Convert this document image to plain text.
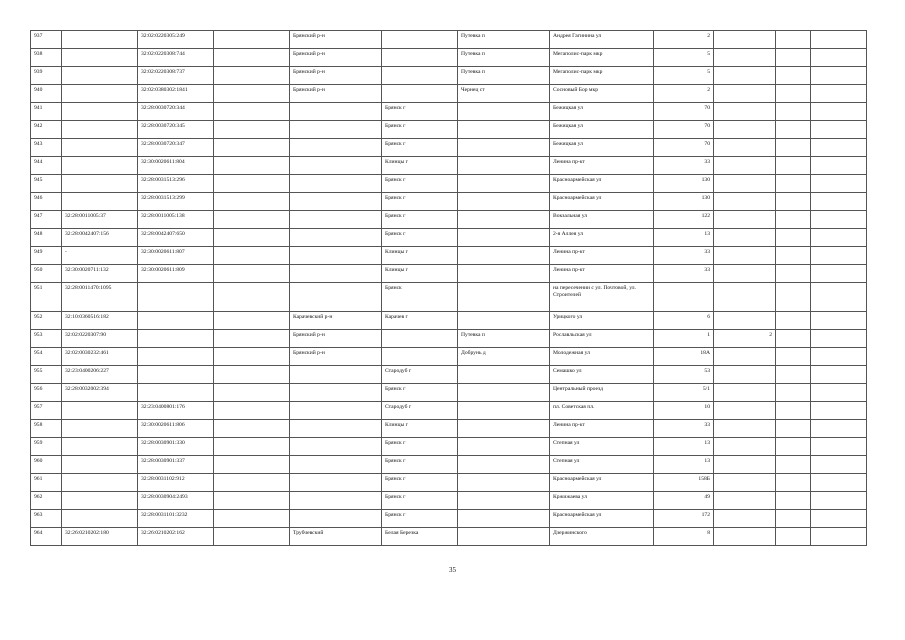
937		32:02:0220305:249		Брянский р-н		Путевка п	Андрея Гагинина ул	2			
938		32:02:0220308:744		Брянский р-н		Путевка п	Мегаполис-парк мкр	5			
939		32:02:0220308:737		Брянский р-н		Путевка п	Мегаполис-парк мкр	5			
940		32:02:0380302:1841		Брянский р-н		Чернец ст	Сосновый Бор мкр	2			
941		32:28:0030720:344			Брянск г		Бежицкая ул	70			
942		32:28:0030720:345			Брянск г		Бежицкая ул	70			
943		32:28:0030720:347			Брянск г		Бежицкая ул	70			
944		32:30:0020611:804			Клинцы г		Ленина пр-кт	33			
945		32:28:0031513:296			Брянск г		Красноармейская ул	130			
946		32:28:0031513:299			Брянск г		Красноармейская ул	130			
947	32:28:0011005:37	32:28:0011005:138			Брянск г		Вокзальная ул	122			
948	32:28:0042407:156	32:28:0042407:650			Брянск г		2-я Аллея ул	13			
949	-	32:30:0020611:807			Клинцы г		Ленина пр-кт	33			
950	32:30:0020711:132	32:30:0020611:809			Клинцы г		Ленина пр-кт	33			
951	32:28:0011470:1095				Брянск		на пересечении с ул. Почтовой, ул. Строителей				
952	32:10:0360516:182			Карачевский р-н	Карачев г		Урицкого ул	6			
953	32:02:0220307:90			Брянский р-н		Путевка п	Рославльская ул	1	2		
954	32:02:0030232:461			Брянский р-н		Добрунь д	Молодежная ул	18А			
955	32:23:0400206:227				Стародуб г		Семашко ул	53			
956	32:28:0032002:394				Брянск г		Центральный проезд	5/1			
957		32:23:0400801:176			Стародуб г		пл. Советская пл.	10			
958		32:30:0020611:806			Клинцы г		Ленина пр-кт	33			
959		32:28:0030901:330			Брянск г		Степная ул	13			
960		32:28:0030901:337			Брянск г		Степная ул	13			
961		32:28:0031102:912			Брянск г		Красноармейская ул	158Б			
962		32:28:0030904:2493			Брянск г		Кржижаева ул	49			
963		32:28:0031101:3232			Брянск г		Красноармейская ул	172			
964	32:26:0210202:180	32:26:0210202:162		Трубчевский	Белая Березка		Дзержинского	8			
35
